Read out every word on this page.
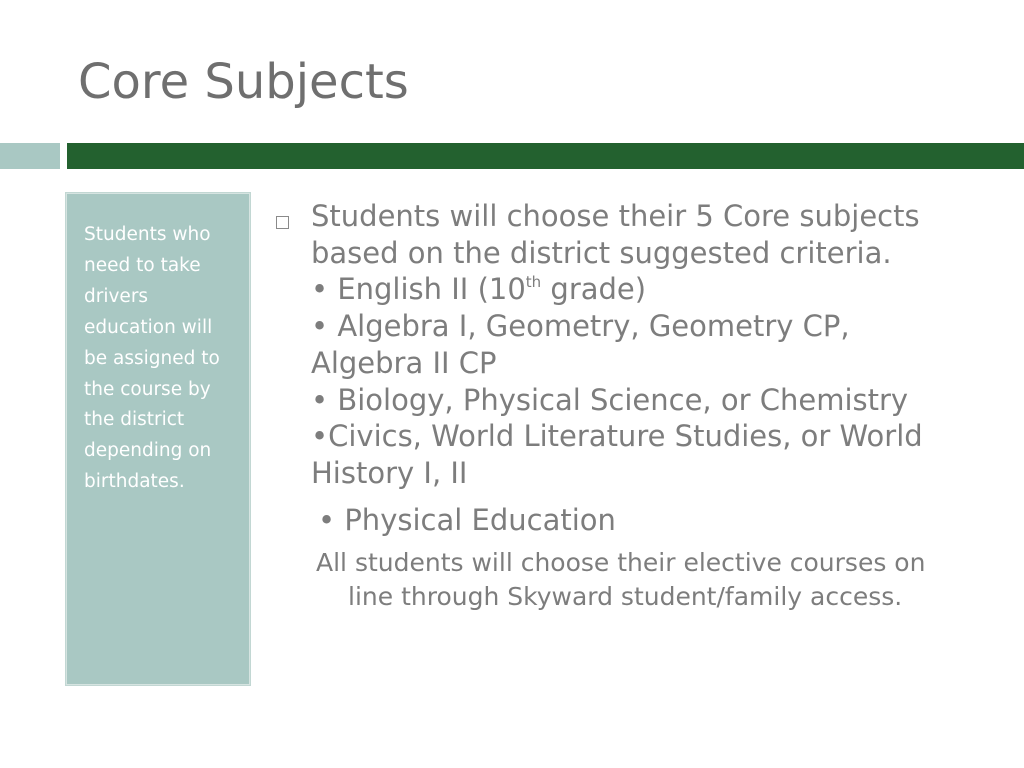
Core Subjects

Students who need to take drivers education will be assigned to the course by the district depending on birthdates.

Students will choose their 5 Core subjects
based on the district suggested criteria.
• English II (10th grade)
• Algebra I, Geometry, Geometry CP,
Algebra II CP
• Biology, Physical Science, or Chemistry
•Civics, World Literature Studies, or World
History I, II
• Physical Education
All students will choose their elective courses on
line through Skyward student/family access.
